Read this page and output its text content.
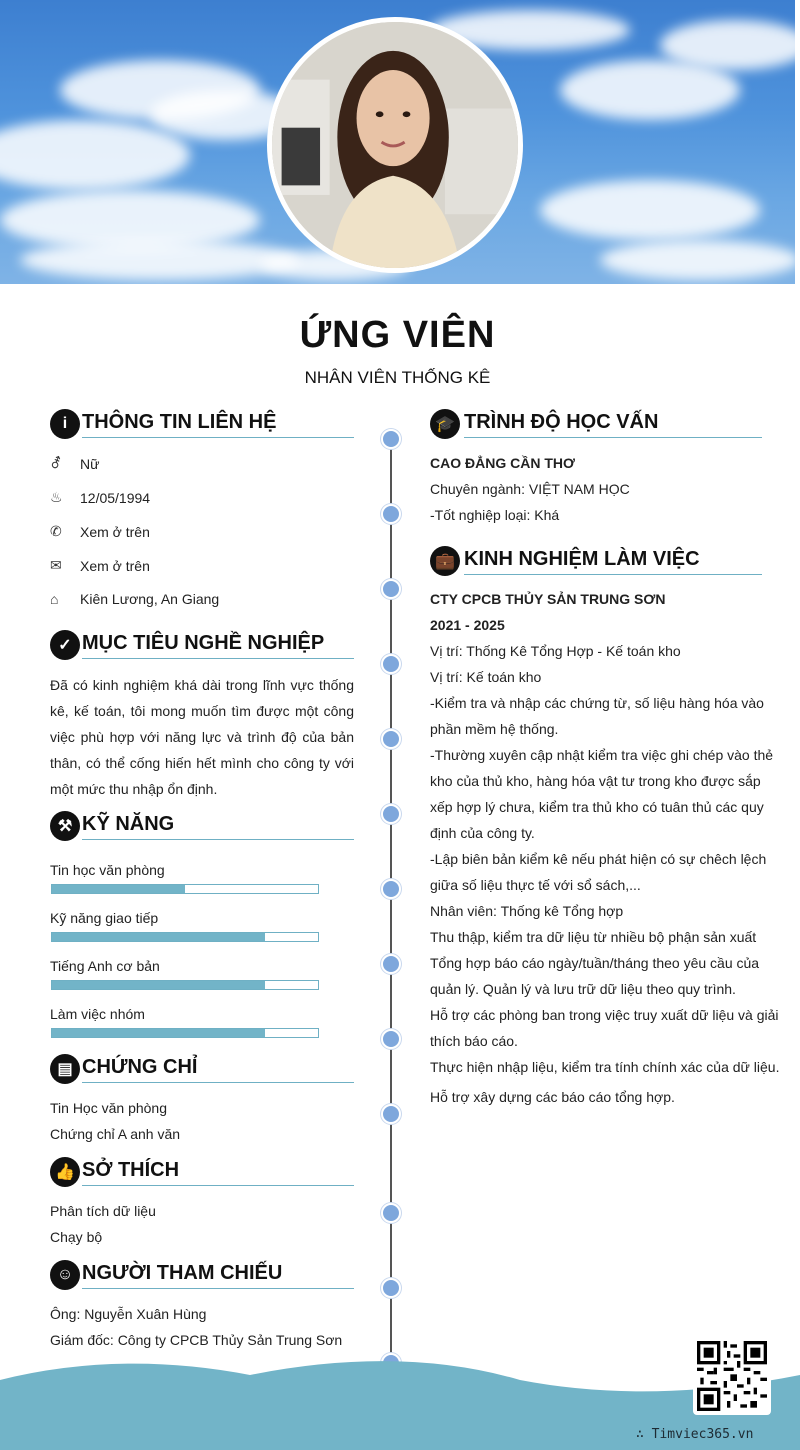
ỨNG VIÊN
NHÂN VIÊN THỐNG KÊ
i THÔNG TIN LIÊN HỆ
⚦	Nữ
♨	12/05/1994
✆	Xem ở trên
✉	Xem ở trên
⌂	Kiên Lương, An Giang
✓ MỤC TIÊU NGHỀ NGHIỆP
Đã có kinh nghiệm khá dài trong lĩnh vực thống kê, kế toán, tôi mong muốn tìm được một công việc phù hợp với năng lực và trình độ của bản thân, có thể cống hiến hết mình cho công ty với một mức thu nhập ổn định.
⚒ KỸ NĂNG
Tin học văn phòng
Kỹ năng giao tiếp
Tiếng Anh cơ bản
Làm việc nhóm
▤ CHỨNG CHỈ
Tin Học văn phòng
Chứng chỉ A anh văn
👍 SỞ THÍCH
Phân tích dữ liệu
Chạy bộ
☺ NGƯỜI THAM CHIẾU
Ông: Nguyễn Xuân Hùng
Giám đốc: Công ty CPCB Thủy Sản Trung Sơn
🎓 TRÌNH ĐỘ HỌC VẤN
CAO ĐẲNG CẦN THƠ
Chuyên ngành: VIỆT NAM HỌC
-Tốt nghiệp loại: Khá
💼 KINH NGHIỆM LÀM VIỆC
CTY CPCB THỦY SẢN TRUNG SƠN
2021 - 2025
Vị trí: Thống Kê Tổng Hợp - Kế toán kho
Vị trí: Kế toán kho
-Kiểm tra và nhập các chứng từ, số liệu hàng hóa vào phần mềm hệ thống.
-Thường xuyên cập nhật kiểm tra việc ghi chép vào thẻ kho của thủ kho, hàng hóa vật tư trong kho được sắp xếp hợp lý chưa, kiểm tra thủ kho có tuân thủ các quy định của công ty.
-Lập biên bản kiểm kê nếu phát hiện có sự chêch lệch giữa số liệu thực tế với sổ sách,...
Nhân viên: Thống kê Tổng hợp
Thu thập, kiểm tra dữ liệu từ nhiều bộ phận sản xuất
Tổng hợp báo cáo ngày/tuần/tháng theo yêu cầu của quản lý. Quản lý và lưu trữ dữ liệu theo quy trình.
Hỗ trợ các phòng ban trong việc truy xuất dữ liệu và giải thích báo cáo.
Thực hiện nhập liệu, kiểm tra tính chính xác của dữ liệu.
Hỗ trợ xây dựng các báo cáo tổng hợp.
∴ Timviec365.vn
